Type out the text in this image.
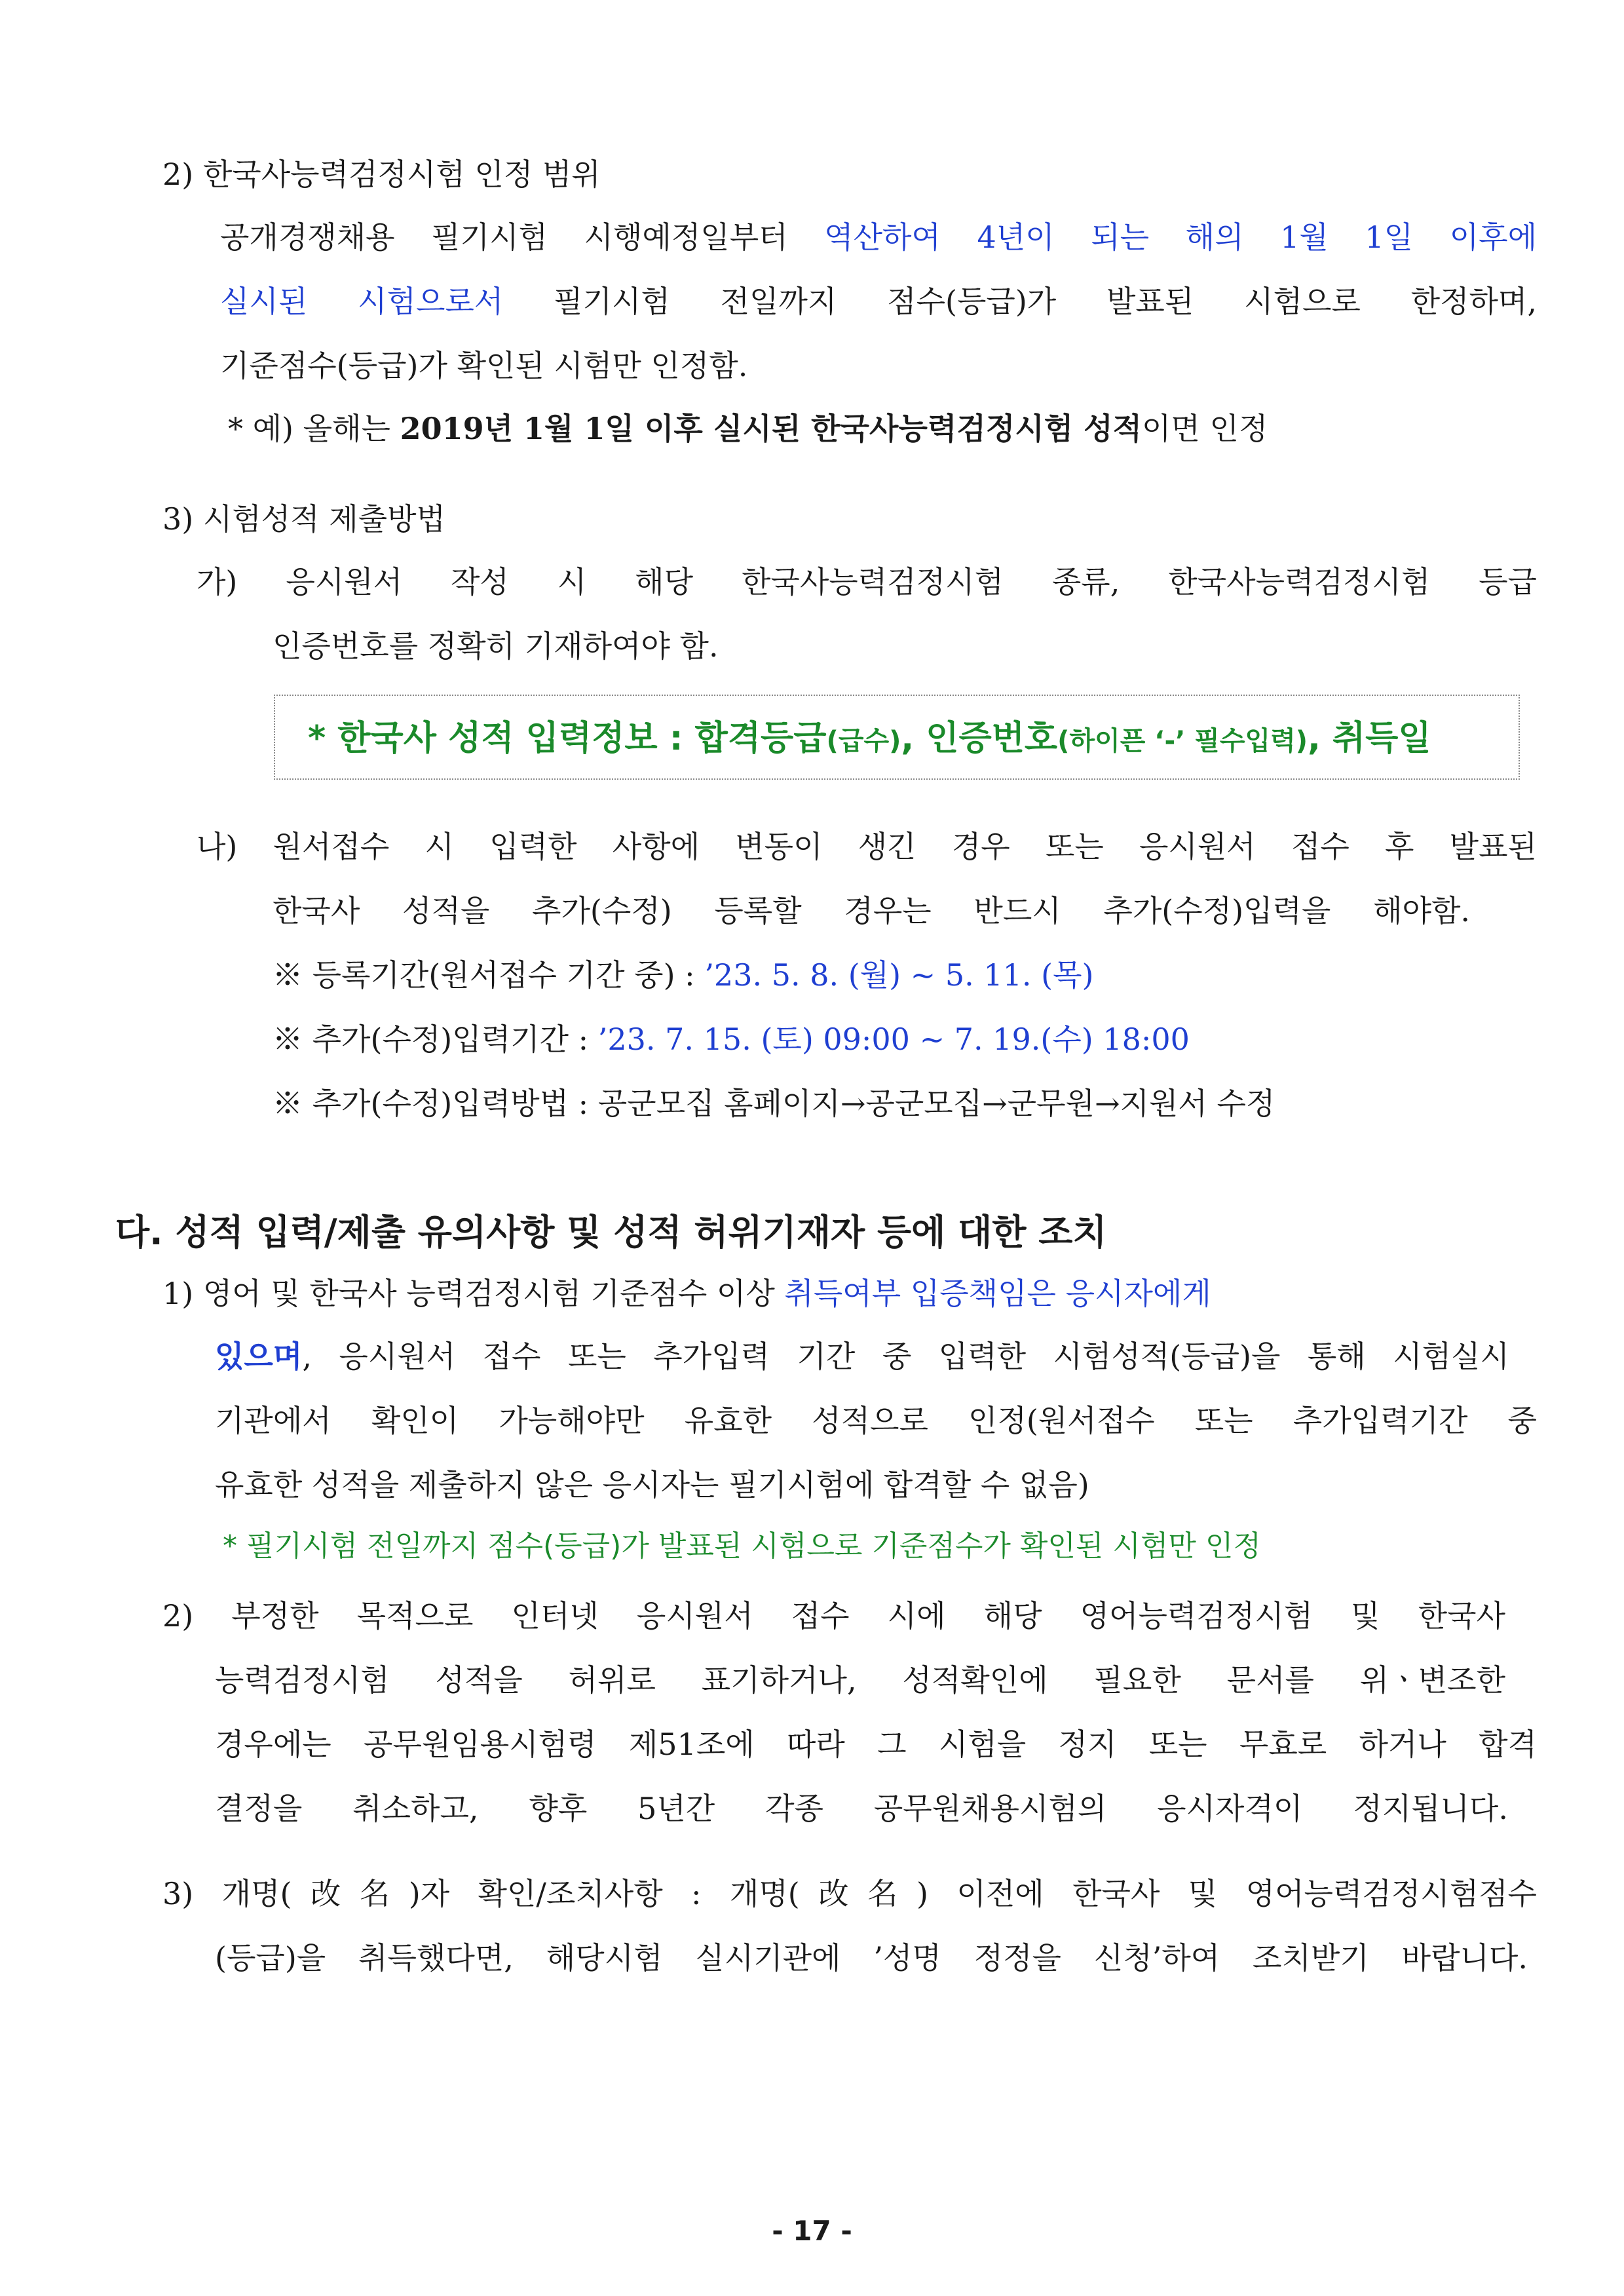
2) 한국사능력검정시험 인정 범위
공개경쟁채용 필기시험 시행예정일부터 역산하여 4년이 되는 해의 1월 1일 이후에
실시된 시험으로서 필기시험 전일까지 점수(등급)가 발표된 시험으로 한정하며,
기준점수(등급)가 확인된 시험만 인정함.
* 예) 올해는 2019년 1월 1일 이후 실시된 한국사능력검정시험 성적이면 인정
3) 시험성적 제출방법
가) 응시원서 작성 시 해당 한국사능력검정시험 종류, 한국사능력검정시험 등급
인증번호를 정확히 기재하여야 함.
* 한국사 성적 입력정보 : 합격등급(급수), 인증번호(하이픈 ‘-’ 필수입력), 취득일
나) 원서접수 시 입력한 사항에 변동이 생긴 경우 또는 응시원서 접수 후 발표된
한국사 성적을 추가(수정) 등록할 경우는 반드시 추가(수정)입력을 해야함.
※ 등록기간(원서접수 기간 중) : ’23. 5. 8. (월) ~ 5. 11. (목)
※ 추가(수정)입력기간 : ’23. 7. 15. (토) 09:00 ~ 7. 19.(수) 18:00
※ 추가(수정)입력방법 : 공군모집 홈페이지→공군모집→군무원→지원서 수정
다. 성적 입력/제출 유의사항 및 성적 허위기재자 등에 대한 조치
1) 영어 및 한국사 능력검정시험 기준점수 이상 취득여부 입증책임은 응시자에게
있으며, 응시원서 접수 또는 추가입력 기간 중 입력한 시험성적(등급)을 통해 시험실시
기관에서 확인이 가능해야만 유효한 성적으로 인정(원서접수 또는 추가입력기간 중
유효한 성적을 제출하지 않은 응시자는 필기시험에 합격할 수 없음)
* 필기시험 전일까지 점수(등급)가 발표된 시험으로 기준점수가 확인된 시험만 인정
2) 부정한 목적으로 인터넷 응시원서 접수 시에 해당 영어능력검정시험 및 한국사
능력검정시험 성적을 허위로 표기하거나, 성적확인에 필요한 문서를 위ㆍ변조한
경우에는 공무원임용시험령 제51조에 따라 그 시험을 정지 또는 무효로 하거나 합격
결정을 취소하고, 향후 5년간 각종 공무원채용시험의 응시자격이 정지됩니다.
3) 개명(改名)자 확인/조치사항 : 개명(改名) 이전에 한국사 및 영어능력검정시험점수
(등급)을 취득했다면, 해당시험 실시기관에 ’성명 정정을 신청’하여 조치받기 바랍니다.
- 17 -
